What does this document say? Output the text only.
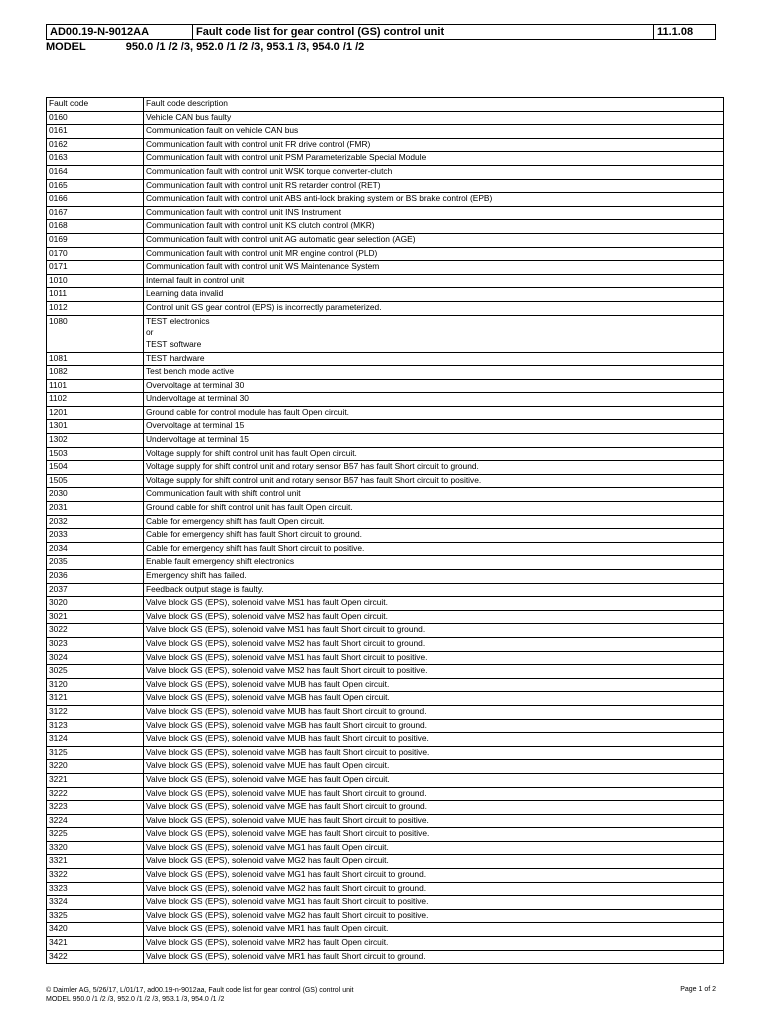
AD00.19-N-9012AA	Fault code list for gear control (GS) control unit	11.1.08
MODEL	950.0 /1 /2 /3, 952.0 /1 /2 /3, 953.1 /3, 954.0 /1 /2
Fault code	Fault code description
0160	Vehicle CAN bus faulty
0161	Communication fault on vehicle CAN bus
0162	Communication fault with control unit FR drive control (FMR)
0163	Communication fault with control unit PSM Parameterizable Special Module
0164	Communication fault with control unit WSK torque converter-clutch
0165	Communication fault with control unit RS retarder control (RET)
0166	Communication fault with control unit ABS anti-lock braking system or BS brake control (EPB)
0167	Communication fault with control unit INS Instrument
0168	Communication fault with control unit KS clutch control (MKR)
0169	Communication fault with control unit AG automatic gear selection (AGE)
0170	Communication fault with control unit MR engine control (PLD)
0171	Communication fault with control unit WS Maintenance System
1010	Internal fault in control unit
1011	Learning data invalid
1012	Control unit GS gear control (EPS) is incorrectly parameterized.
1080	TEST electronics
or
TEST software

1081	TEST hardware
1082	Test bench mode active
1101	Overvoltage at terminal 30
1102	Undervoltage at terminal 30
1201	Ground cable for control module has fault Open circuit.
1301	Overvoltage at terminal 15
1302	Undervoltage at terminal 15
1503	Voltage supply for shift control unit has fault Open circuit.
1504	Voltage supply for shift control unit and rotary sensor B57 has fault Short circuit to ground.
1505	Voltage supply for shift control unit and rotary sensor B57 has fault Short circuit to positive.
2030	Communication fault with shift control unit
2031	Ground cable for shift control unit has fault Open circuit.
2032	Cable for emergency shift has fault Open circuit.
2033	Cable for emergency shift has fault Short circuit to ground.
2034	Cable for emergency shift has fault Short circuit to positive.
2035	Enable fault emergency shift electronics
2036	Emergency shift has failed.
2037	Feedback output stage is faulty.
3020	Valve block GS (EPS), solenoid valve MS1 has fault Open circuit.
3021	Valve block GS (EPS), solenoid valve MS2 has fault Open circuit.
3022	Valve block GS (EPS), solenoid valve MS1 has fault Short circuit to ground.
3023	Valve block GS (EPS), solenoid valve MS2 has fault Short circuit to ground.
3024	Valve block GS (EPS), solenoid valve MS1 has fault Short circuit to positive.
3025	Valve block GS (EPS), solenoid valve MS2 has fault Short circuit to positive.
3120	Valve block GS (EPS), solenoid valve MUB has fault Open circuit.
3121	Valve block GS (EPS), solenoid valve MGB has fault Open circuit.
3122	Valve block GS (EPS), solenoid valve MUB has fault Short circuit to ground.
3123	Valve block GS (EPS), solenoid valve MGB has fault Short circuit to ground.
3124	Valve block GS (EPS), solenoid valve MUB has fault Short circuit to positive.
3125	Valve block GS (EPS), solenoid valve MGB has fault Short circuit to positive.
3220	Valve block GS (EPS), solenoid valve MUE has fault Open circuit.
3221	Valve block GS (EPS), solenoid valve MGE has fault Open circuit.
3222	Valve block GS (EPS), solenoid valve MUE has fault Short circuit to ground.
3223	Valve block GS (EPS), solenoid valve MGE has fault Short circuit to ground.
3224	Valve block GS (EPS), solenoid valve MUE has fault Short circuit to positive.
3225	Valve block GS (EPS), solenoid valve MGE has fault Short circuit to positive.
3320	Valve block GS (EPS), solenoid valve MG1 has fault Open circuit.
3321	Valve block GS (EPS), solenoid valve MG2 has fault Open circuit.
3322	Valve block GS (EPS), solenoid valve MG1 has fault Short circuit to ground.
3323	Valve block GS (EPS), solenoid valve MG2 has fault Short circuit to ground.
3324	Valve block GS (EPS), solenoid valve MG1 has fault Short circuit to positive.
3325	Valve block GS (EPS), solenoid valve MG2 has fault Short circuit to positive.
3420	Valve block GS (EPS), solenoid valve MR1 has fault Open circuit.
3421	Valve block GS (EPS), solenoid valve MR2 has fault Open circuit.
3422	Valve block GS (EPS), solenoid valve MR1 has fault Short circuit to ground.
© Daimler AG, 5/26/17, L/01/17, ad00.19-n-9012aa, Fault code list for gear control (GS) control unit
MODEL 950.0 /1 /2 /3, 952.0 /1 /2 /3, 953.1 /3, 954.0 /1 /2
Page 1 of 2
